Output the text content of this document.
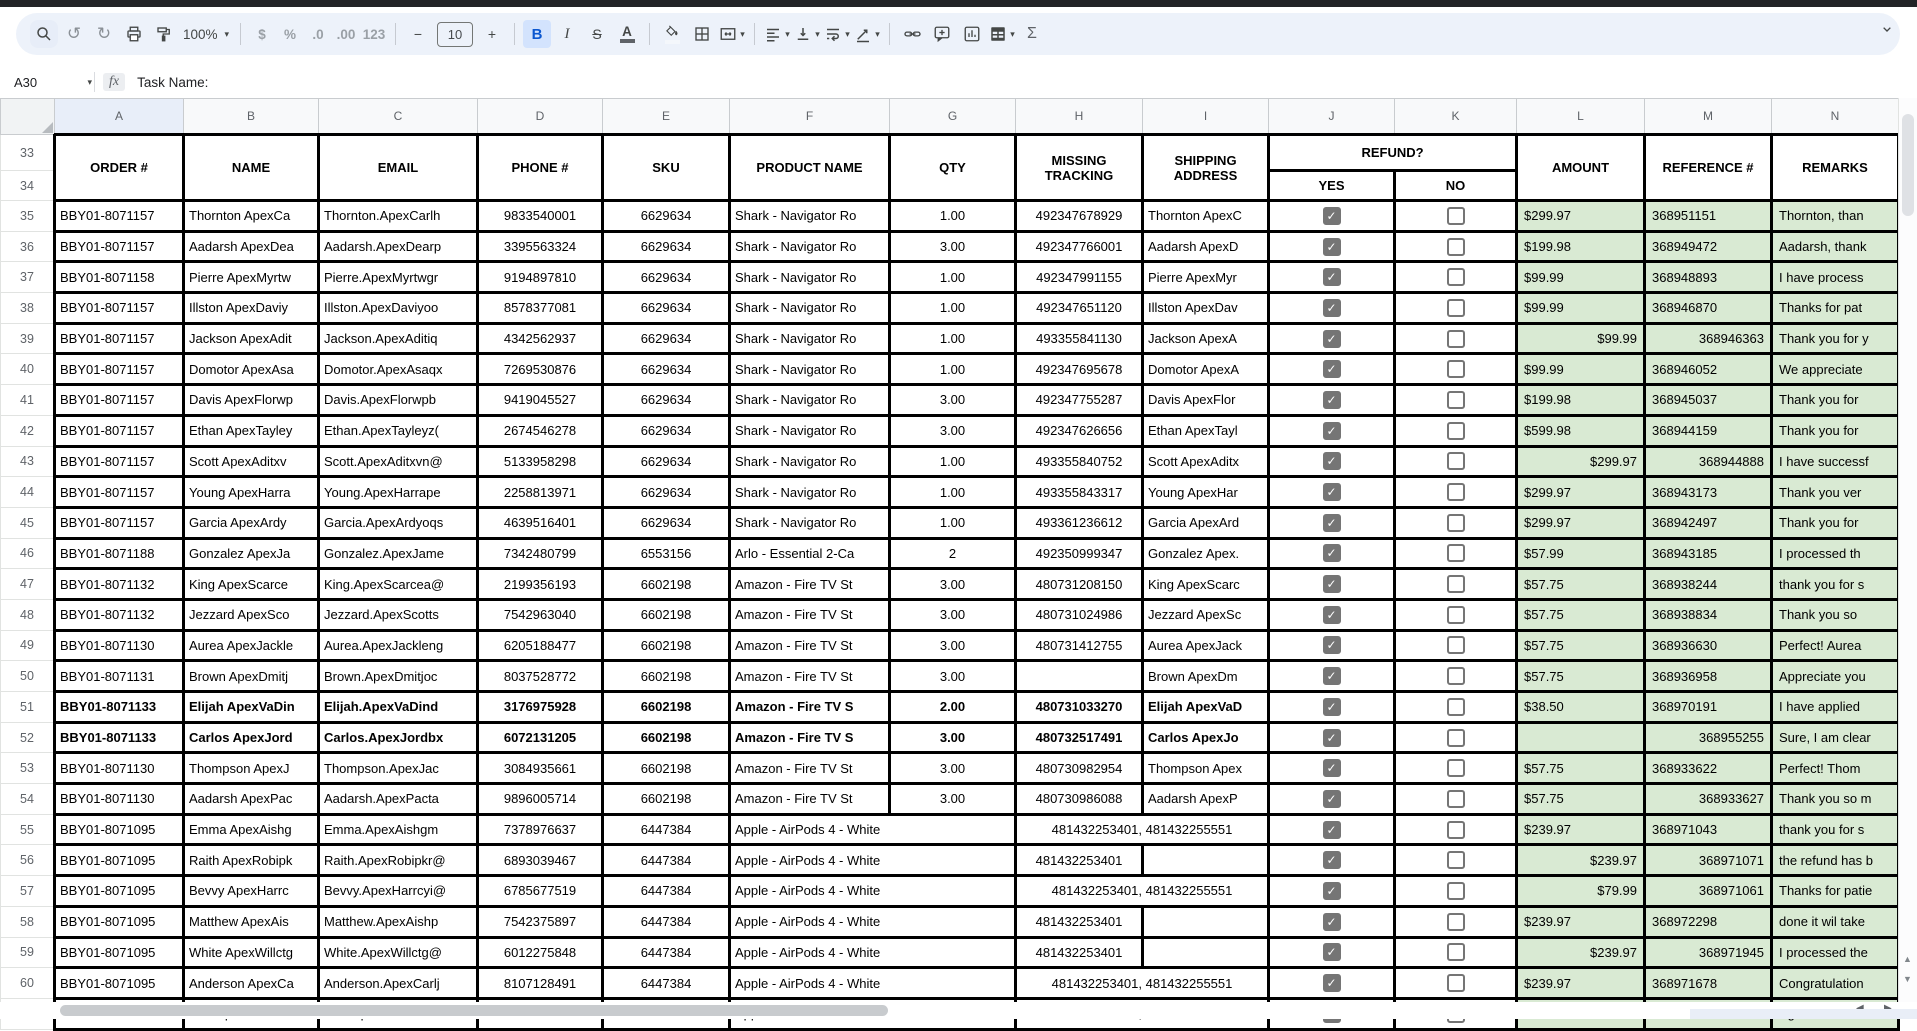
↺ ↻	100% ▾	$	%	.0 .00 123	−	10	+	B	I	S A	▾	▾	▾	▾	▾	▾ Σ
A30	▾	fx	Task Name:
	A	B	C	D	E	F	G	H	I	J	K	L	M	N
33	ORDER #	NAME	EMAIL	PHONE #	SKU	PRODUCT NAME	QTY	MISSING TRACKING	SHIPPING ADDRESS	REFUND?		AMOUNT	REFERENCE #	REMARKS
34										YES	NO			
35	BBY01-8071157	Thornton ApexCa	Thornton.ApexCarlh	9833540001	6629634	Shark - Navigator Ro	1.00	492347678929	Thornton ApexC	✓		$299.97	368951151	Thornton, than
36	BBY01-8071157	Aadarsh ApexDea	Aadarsh.ApexDearp	3395563324	6629634	Shark - Navigator Ro	3.00	492347766001	Aadarsh ApexD	✓		$199.98	368949472	Aadarsh, thank
37	BBY01-8071158	Pierre ApexMyrtw	Pierre.ApexMyrtwgr	9194897810	6629634	Shark - Navigator Ro	1.00	492347991155	Pierre ApexMyr	✓		$99.99	368948893	I have process
38	BBY01-8071157	Illston ApexDaviy	Illston.ApexDaviyoo	8578377081	6629634	Shark - Navigator Ro	1.00	492347651120	Illston ApexDav	✓		$99.99	368946870	Thanks for pat
39	BBY01-8071157	Jackson ApexAdit	Jackson.ApexAditiq	4342562937	6629634	Shark - Navigator Ro	1.00	493355841130	Jackson ApexA	✓		$99.99	368946363	Thank you for y
40	BBY01-8071157	Domotor ApexAsa	Domotor.ApexAsaqx	7269530876	6629634	Shark - Navigator Ro	1.00	492347695678	Domotor ApexA	✓		$99.99	368946052	We appreciate
41	BBY01-8071157	Davis ApexFlorwp	Davis.ApexFlorwpb	9419045527	6629634	Shark - Navigator Ro	3.00	492347755287	Davis ApexFlor	✓		$199.98	368945037	Thank you for
42	BBY01-8071157	Ethan ApexTayley	Ethan.ApexTayleyz(	2674546278	6629634	Shark - Navigator Ro	3.00	492347626656	Ethan ApexTayl	✓		$599.98	368944159	Thank you for
43	BBY01-8071157	Scott ApexAditxv	Scott.ApexAditxvn@	5133958298	6629634	Shark - Navigator Ro	1.00	493355840752	Scott ApexAditx	✓		$299.97	368944888	I have successf
44	BBY01-8071157	Young ApexHarra	Young.ApexHarrape	2258813971	6629634	Shark - Navigator Ro	1.00	493355843317	Young ApexHar	✓		$299.97	368943173	Thank you ver
45	BBY01-8071157	Garcia ApexArdy	Garcia.ApexArdyoqs	4639516401	6629634	Shark - Navigator Ro	1.00	493361236612	Garcia ApexArd	✓		$299.97	368942497	Thank you for
46	BBY01-8071188	Gonzalez ApexJa	Gonzalez.ApexJame	7342480799	6553156	Arlo - Essential 2-Ca	2	492350999347	Gonzalez Apex.	✓		$57.99	368943185	I processed th
47	BBY01-8071132	King ApexScarce	King.ApexScarcea@	2199356193	6602198	Amazon - Fire TV St	3.00	480731208150	King ApexScarc	✓		$57.75	368938244	thank you for s
48	BBY01-8071132	Jezzard ApexSco	Jezzard.ApexScotts	7542963040	6602198	Amazon - Fire TV St	3.00	480731024986	Jezzard ApexSc	✓		$57.75	368938834	Thank you so
49	BBY01-8071130	Aurea ApexJackle	Aurea.ApexJackleng	6205188477	6602198	Amazon - Fire TV St	3.00	480731412755	Aurea ApexJack	✓		$57.75	368936630	Perfect! Aurea
50	BBY01-8071131	Brown ApexDmitj	Brown.ApexDmitjoc	8037528772	6602198	Amazon - Fire TV St	3.00		Brown ApexDm	✓		$57.75	368936958	Appreciate you
51	BBY01-8071133	Elijah ApexVaDin	Elijah.ApexVaDind	3176975928	6602198	Amazon - Fire TV S	2.00	480731033270	Elijah ApexVaD	✓		$38.50	368970191	I have applied
52	BBY01-8071133	Carlos ApexJord	Carlos.ApexJordbx	6072131205	6602198	Amazon - Fire TV S	3.00	480732517491	Carlos ApexJo	✓			368955255	Sure, I am clear
53	BBY01-8071130	Thompson ApexJ	Thompson.ApexJac	3084935661	6602198	Amazon - Fire TV St	3.00	480730982954	Thompson Apex	✓		$57.75	368933622	Perfect! Thom
54	BBY01-8071130	Aadarsh ApexPac	Aadarsh.ApexPacta	9896005714	6602198	Amazon - Fire TV St	3.00	480730986088	Aadarsh ApexP	✓		$57.75	368933627	Thank you so m
55	BBY01-8071095	Emma ApexAishg	Emma.ApexAishgm	7378976637	6447384	Apple - AirPods 4 - White		481432253401, 481432255551		✓		$239.97	368971043	thank you for s
56	BBY01-8071095	Raith ApexRobipk	Raith.ApexRobipkr@	6893039467	6447384	Apple - AirPods 4 - White		481432253401		✓		$239.97	368971071	the refund has b
57	BBY01-8071095	Bevvy ApexHarrc	Bevvy.ApexHarrcyi@	6785677519	6447384	Apple - AirPods 4 - White		481432253401, 481432255551		✓		$79.99	368971061	Thanks for patie
58	BBY01-8071095	Matthew ApexAis	Matthew.ApexAishp	7542375897	6447384	Apple - AirPods 4 - White		481432253401		✓		$239.97	368972298	done it wil take
59	BBY01-8071095	White ApexWillctg	White.ApexWillctg@	6012275848	6447384	Apple - AirPods 4 - White		481432253401		✓		$239.97	368971945	I processed the
60	BBY01-8071095	Anderson ApexCa	Anderson.ApexCarlj	8107128491	6447384	Apple - AirPods 4 - White		481432253401, 481432255551		✓		$239.97	368971678	Congratulation

▲
▼
